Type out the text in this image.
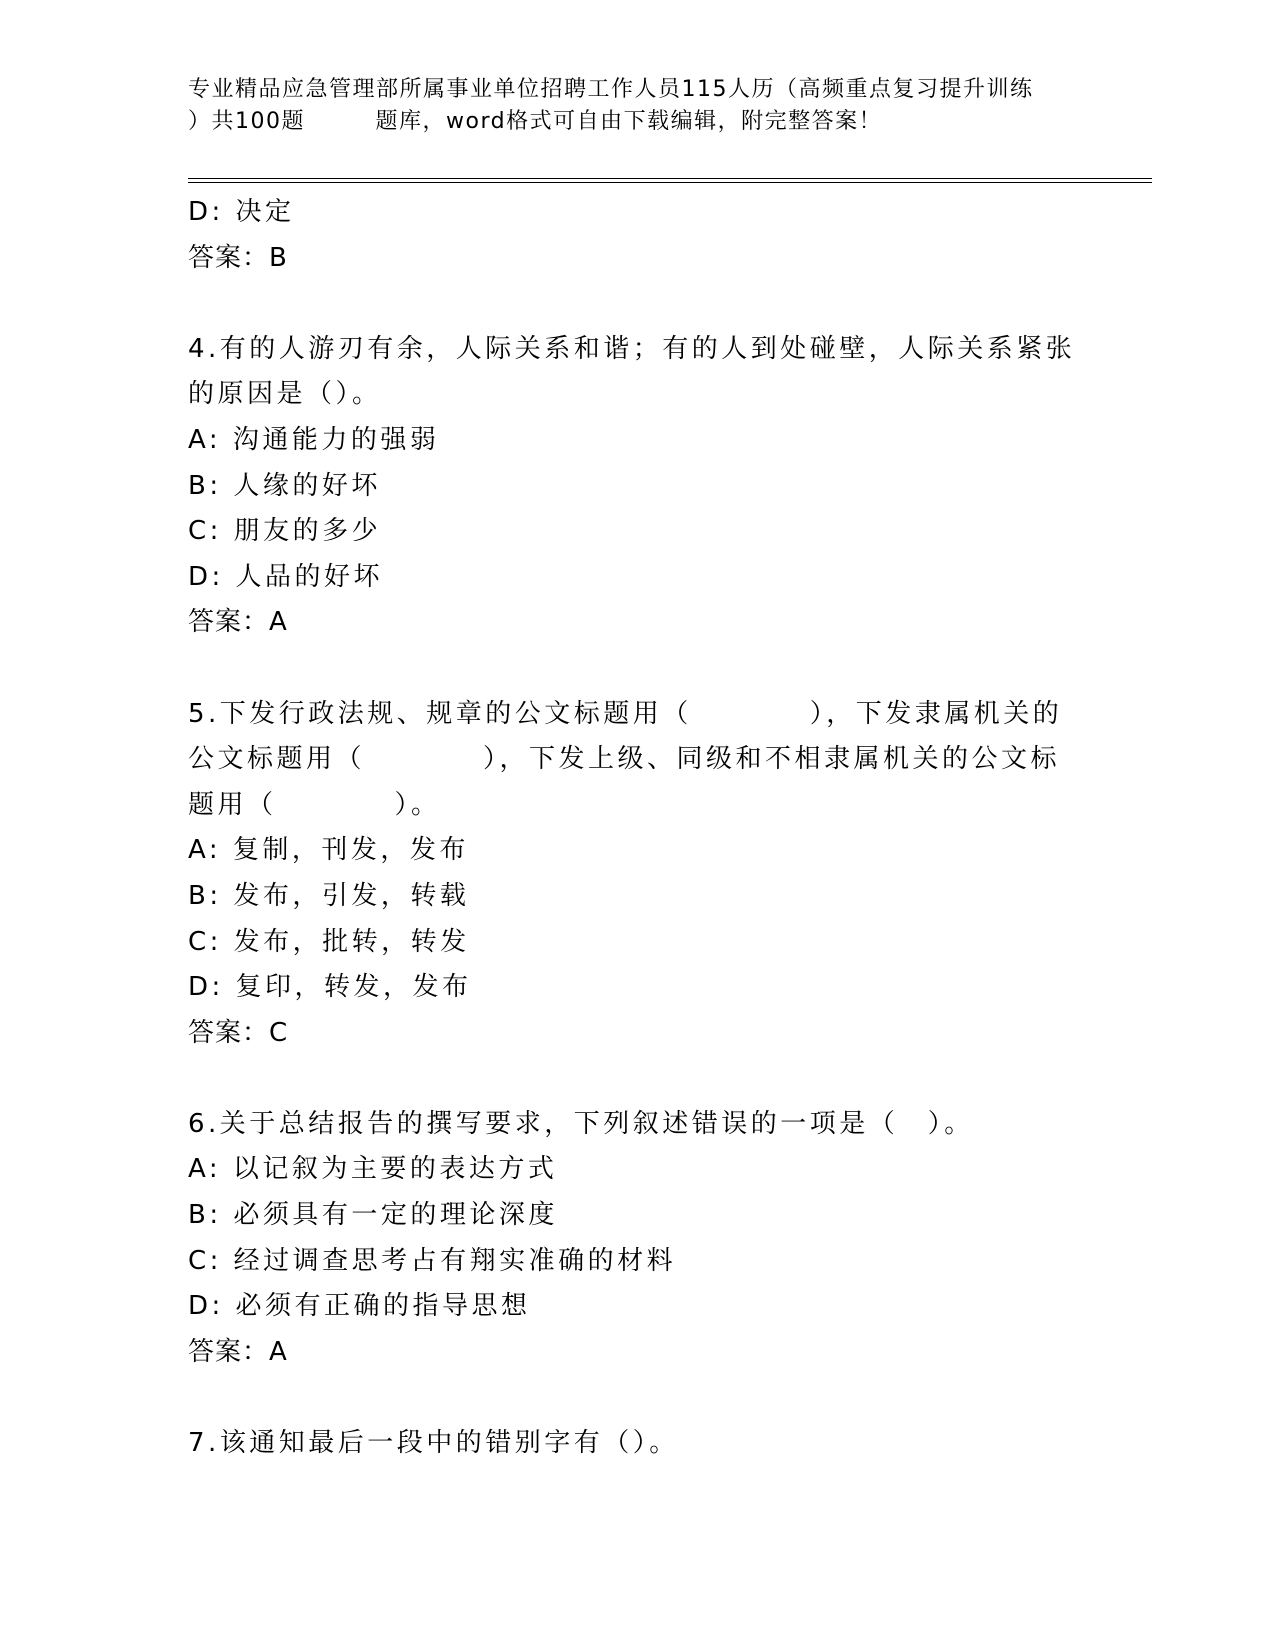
专业精品应急管理部所属事业单位招聘工作人员115人历（高频重点复习提升训练
）共100题　　　题库，word格式可自由下载编辑，附完整答案！
D: 决定
答案：B
4.有的人游刃有余，人际关系和谐；有的人到处碰壁，人际关系紧张
的原因是（）。
A: 沟通能力的强弱
B: 人缘的好坏
C: 朋友的多少
D: 人品的好坏
答案：A
5.下发行政法规、规章的公文标题用（　　　　），下发隶属机关的
公文标题用（　　　　），下发上级、同级和不相隶属机关的公文标
题用（　　　　）。
A: 复制，刊发，发布
B: 发布，引发，转载
C: 发布，批转，转发
D: 复印，转发，发布
答案：C
6.关于总结报告的撰写要求，下列叙述错误的一项是（　）。
A: 以记叙为主要的表达方式
B: 必须具有一定的理论深度
C: 经过调查思考占有翔实准确的材料
D: 必须有正确的指导思想
答案：A
7.该通知最后一段中的错别字有（）。
